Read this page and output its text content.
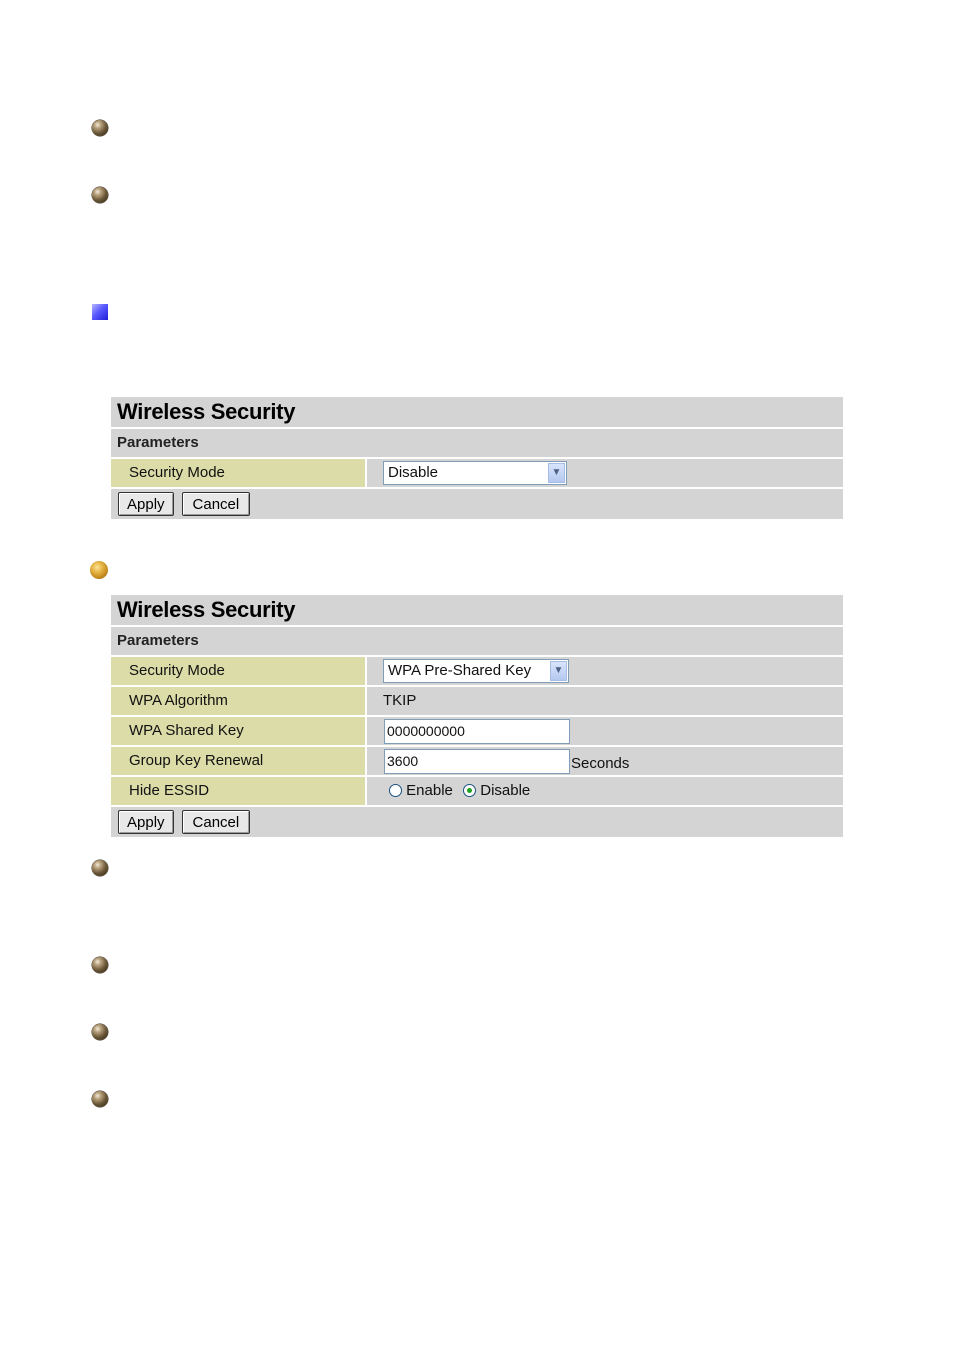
Wireless Security
Parameters
Security Mode	Disable	▼
Apply	Cancel
Wireless Security
Parameters
Security Mode	WPA Pre-Shared Key	▼
WPA Algorithm	TKIP
WPA Shared Key	0000000000
Group Key Renewal	3600	Seconds
Hide ESSID	Enable Disable
Apply	Cancel
